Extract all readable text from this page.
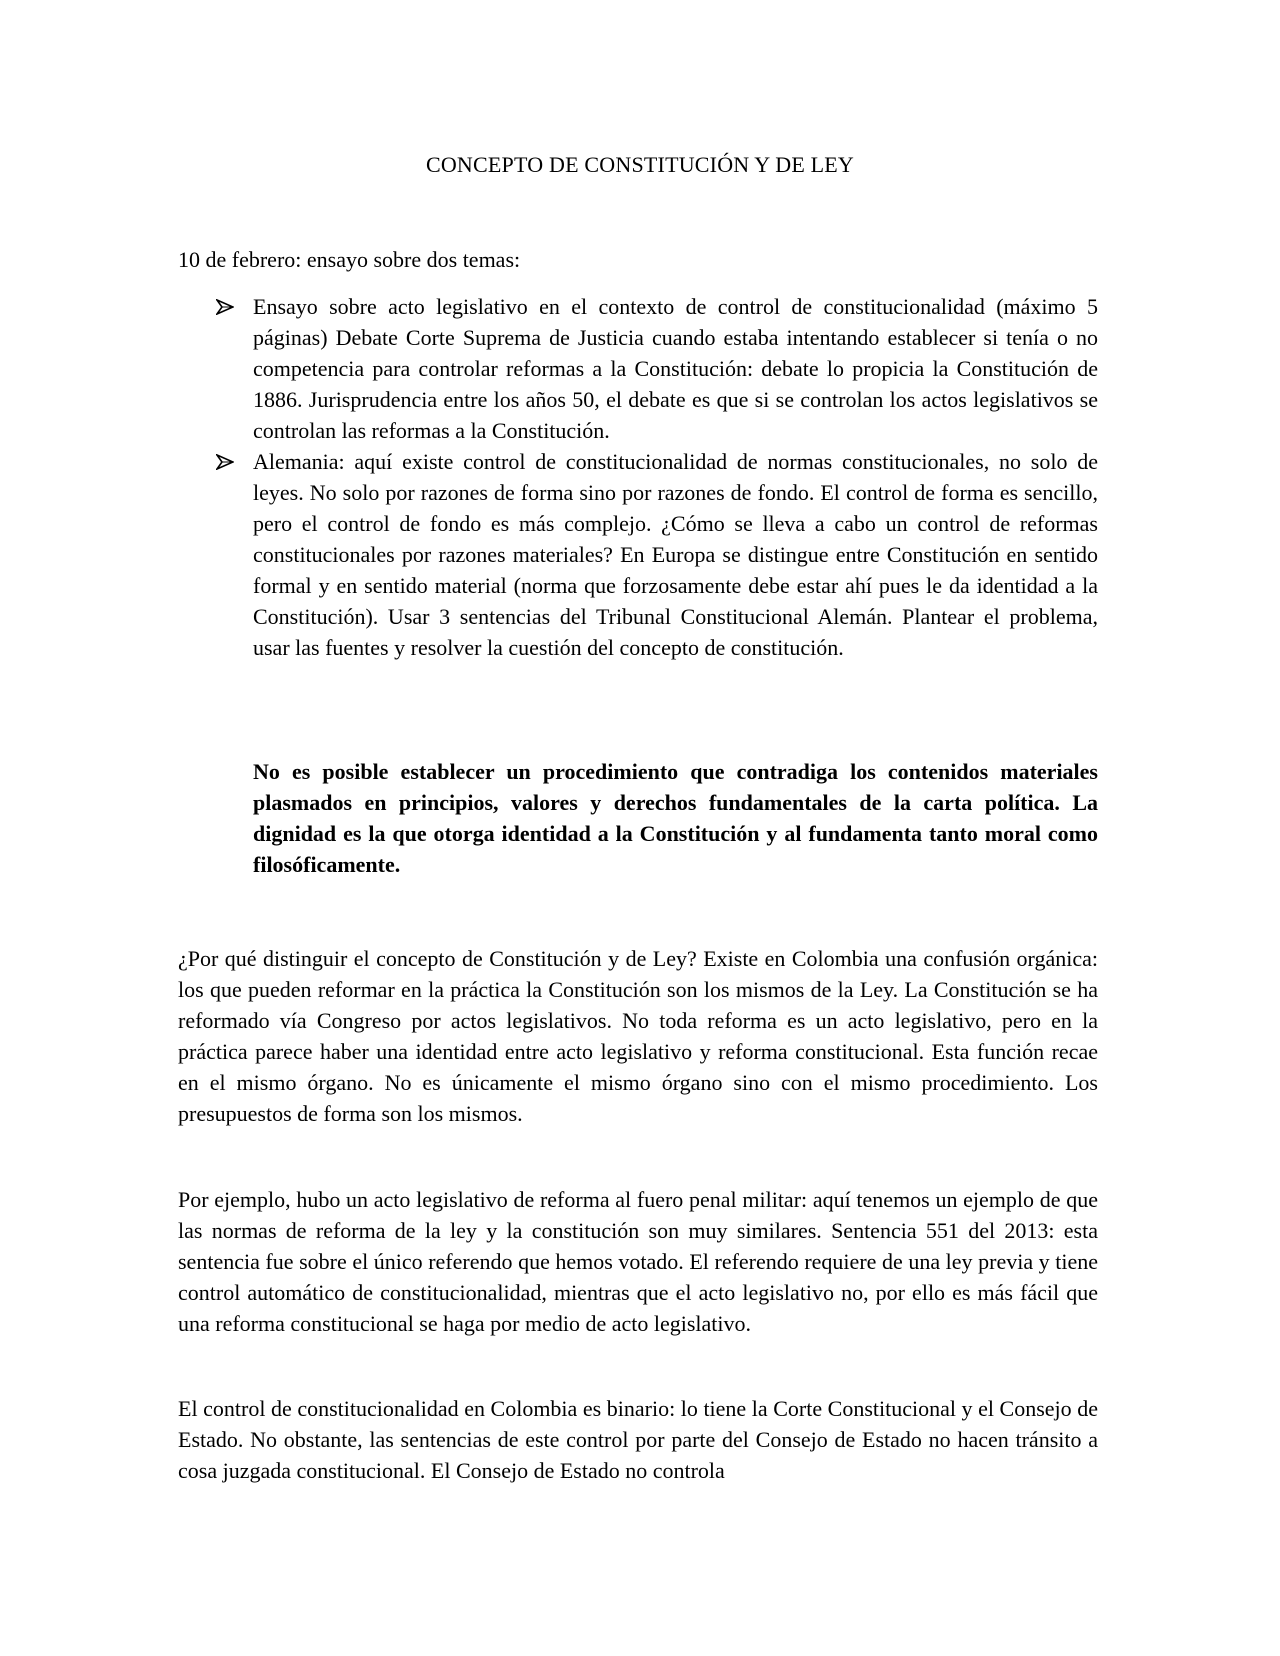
CONCEPTO DE CONSTITUCIÓN Y DE LEY

10 de febrero: ensayo sobre dos temas:

Ensayo sobre acto legislativo en el contexto de control de constitucionalidad (máximo 5 páginas) Debate Corte Suprema de Justicia cuando estaba intentando establecer si tenía o no competencia para controlar reformas a la Constitución: debate lo propicia la Constitución de 1886. Jurisprudencia entre los años 50, el debate es que si se controlan los actos legislativos se controlan las reformas a la Constitución.
Alemania: aquí existe control de constitucionalidad de normas constitucionales, no solo de leyes. No solo por razones de forma sino por razones de fondo. El control de forma es sencillo, pero el control de fondo es más complejo. ¿Cómo se lleva a cabo un control de reformas constitucionales por razones materiales? En Europa se distingue entre Constitución en sentido formal y en sentido material (norma que forzosamente debe estar ahí pues le da identidad a la Constitución). Usar 3 sentencias del Tribunal Constitucional Alemán. Plantear el problema, usar las fuentes y resolver la cuestión del concepto de constitución.

No es posible establecer un procedimiento que contradiga los contenidos materiales plasmados en principios, valores y derechos fundamentales de la carta política. La dignidad es la que otorga identidad a la Constitución y al fundamenta tanto moral como filosóficamente.

¿Por qué distinguir el concepto de Constitución y de Ley? Existe en Colombia una confusión orgánica: los que pueden reformar en la práctica la Constitución son los mismos de la Ley. La Constitución se ha reformado vía Congreso por actos legislativos. No toda reforma es un acto legislativo, pero en la práctica parece haber una identidad entre acto legislativo y reforma constitucional. Esta función recae en el mismo órgano. No es únicamente el mismo órgano sino con el mismo procedimiento. Los presupuestos de forma son los mismos.

Por ejemplo, hubo un acto legislativo de reforma al fuero penal militar: aquí tenemos un ejemplo de que las normas de reforma de la ley y la constitución son muy similares. Sentencia 551 del 2013: esta sentencia fue sobre el único referendo que hemos votado. El referendo requiere de una ley previa y tiene control automático de constitucionalidad, mientras que el acto legislativo no, por ello es más fácil que una reforma constitucional se haga por medio de acto legislativo.

El control de constitucionalidad en Colombia es binario: lo tiene la Corte Constitucional y el Consejo de Estado. No obstante, las sentencias de este control por parte del Consejo de Estado no hacen tránsito a cosa juzgada constitucional. El Consejo de Estado no controla
